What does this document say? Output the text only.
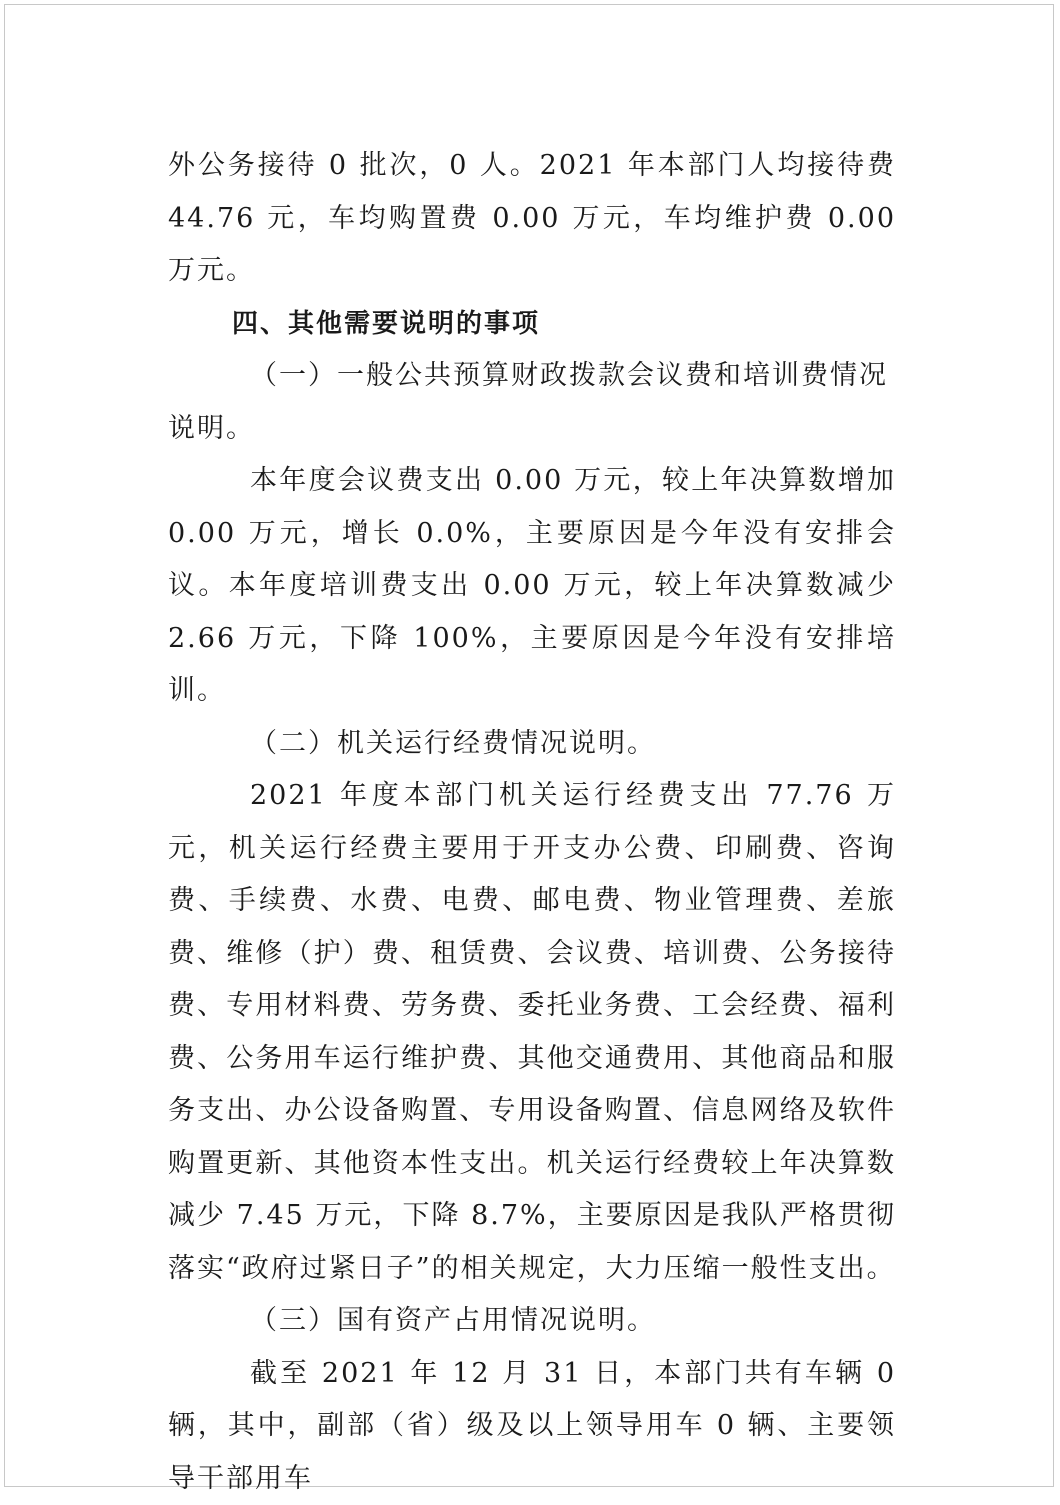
外公务接待 0 批次，0 人。2021 年本部门人均接待费 44.76 元，车均购置费 0.00 万元，车均维护费 0.00 万元。

四、其他需要说明的事项

（一）一般公共预算财政拨款会议费和培训费情况说明。

本年度会议费支出 0.00 万元，较上年决算数增加 0.00 万元，增长 0.0%，主要原因是今年没有安排会议。本年度培训费支出 0.00 万元，较上年决算数减少 2.66 万元，下降 100%，主要原因是今年没有安排培训。

（二）机关运行经费情况说明。

2021 年度本部门机关运行经费支出 77.76 万元，机关运行经费主要用于开支办公费、印刷费、咨询费、手续费、水费、电费、邮电费、物业管理费、差旅费、维修（护）费、租赁费、会议费、培训费、公务接待费、专用材料费、劳务费、委托业务费、工会经费、福利费、公务用车运行维护费、其他交通费用、其他商品和服务支出、办公设备购置、专用设备购置、信息网络及软件购置更新、其他资本性支出。机关运行经费较上年决算数减少 7.45 万元，下降 8.7%，主要原因是我队严格贯彻落实“政府过紧日子”的相关规定，大力压缩一般性支出。

（三）国有资产占用情况说明。

截至 2021 年 12 月 31 日，本部门共有车辆 0 辆，其中，副部（省）级及以上领导用车 0 辆、主要领导干部用车
